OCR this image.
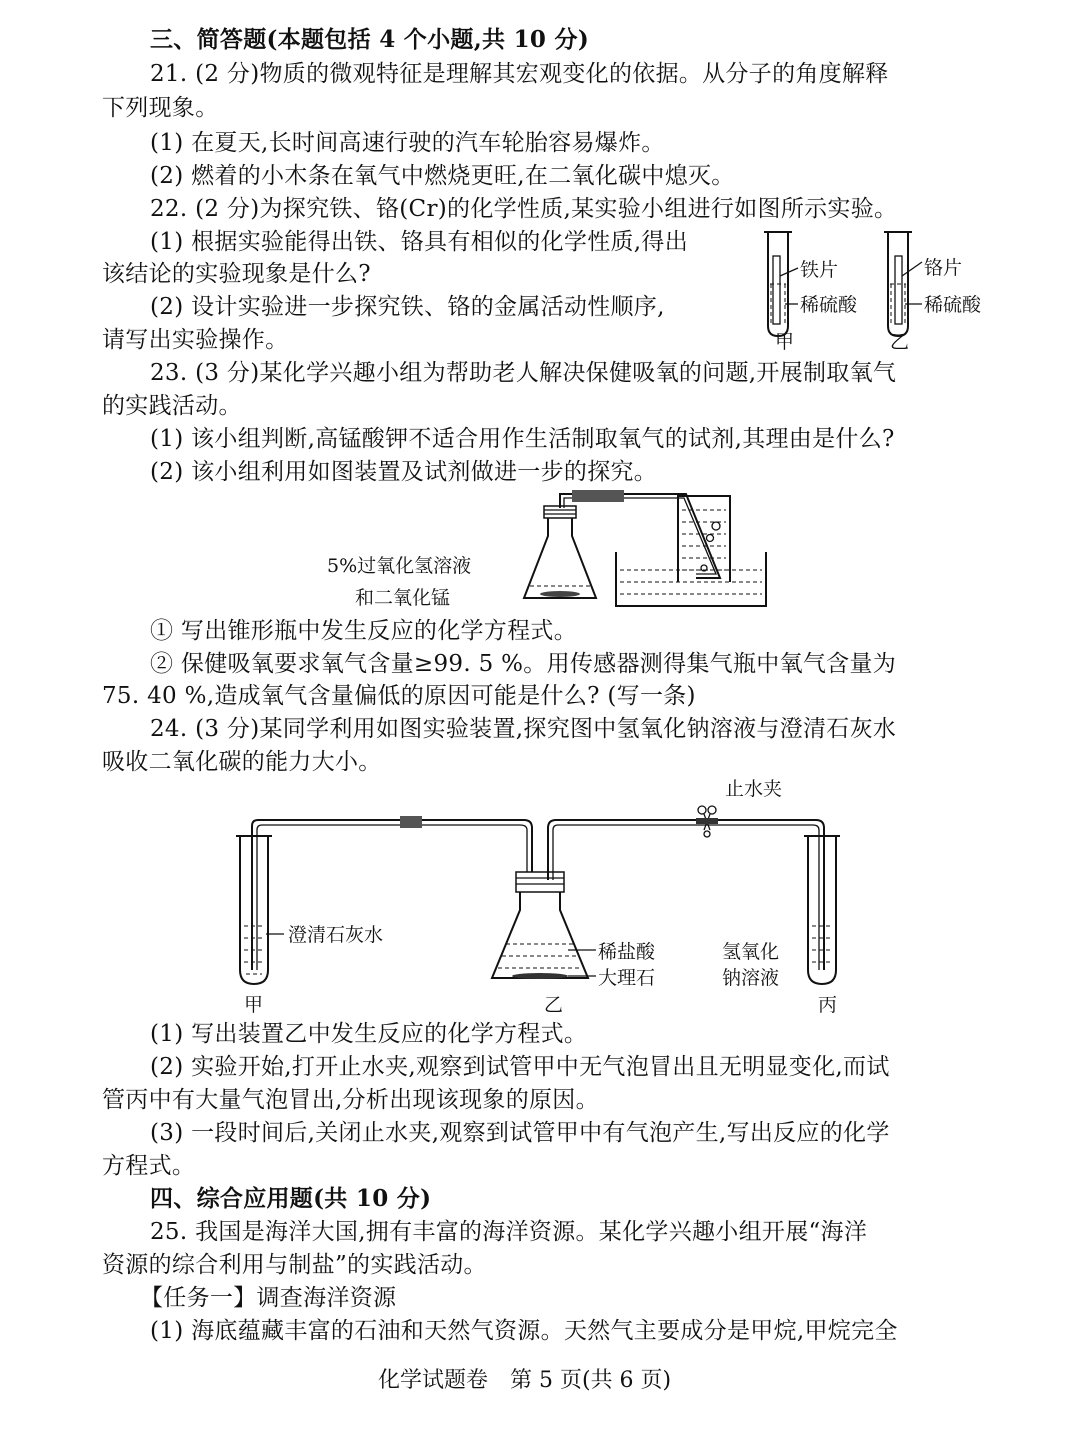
三、简答题(本题包括 4 个小题,共 10 分)
21. (2 分)物质的微观特征是理解其宏观变化的依据。从分子的角度解释
下列现象。
(1) 在夏天,长时间高速行驶的汽车轮胎容易爆炸。
(2) 燃着的小木条在氧气中燃烧更旺,在二氧化碳中熄灭。
22. (2 分)为探究铁、铬(Cr)的化学性质,某实验小组进行如图所示实验。
(1) 根据实验能得出铁、铬具有相似的化学性质,得出
该结论的实验现象是什么?
(2) 设计实验进一步探究铁、铬的金属活动性顺序,
请写出实验操作。
铁片
稀硫酸
甲
铬片
稀硫酸
乙
23. (3 分)某化学兴趣小组为帮助老人解决保健吸氧的问题,开展制取氧气
的实践活动。
(1) 该小组判断,高锰酸钾不适合用作生活制取氧气的试剂,其理由是什么?
(2) 该小组利用如图装置及试剂做进一步的探究。
5%过氧化氢溶液
和二氧化锰
① 写出锥形瓶中发生反应的化学方程式。
② 保健吸氧要求氧气含量≥99. 5 %。用传感器测得集气瓶中氧气含量为
75. 40 %,造成氧气含量偏低的原因可能是什么? (写一条)
24. (3 分)某同学利用如图实验装置,探究图中氢氧化钠溶液与澄清石灰水
吸收二氧化碳的能力大小。
止水夹
澄清石灰水
稀盐酸
大理石
氢氧化
钠溶液
甲	乙	丙
(1) 写出装置乙中发生反应的化学方程式。
(2) 实验开始,打开止水夹,观察到试管甲中无气泡冒出且无明显变化,而试
管丙中有大量气泡冒出,分析出现该现象的原因。
(3) 一段时间后,关闭止水夹,观察到试管甲中有气泡产生,写出反应的化学
方程式。
四、综合应用题(共 10 分)
25. 我国是海洋大国,拥有丰富的海洋资源。某化学兴趣小组开展“海洋
资源的综合利用与制盐”的实践活动。
【任务一】调查海洋资源
(1) 海底蕴藏丰富的石油和天然气资源。天然气主要成分是甲烷,甲烷完全
化学试题卷　第 5 页(共 6 页)
